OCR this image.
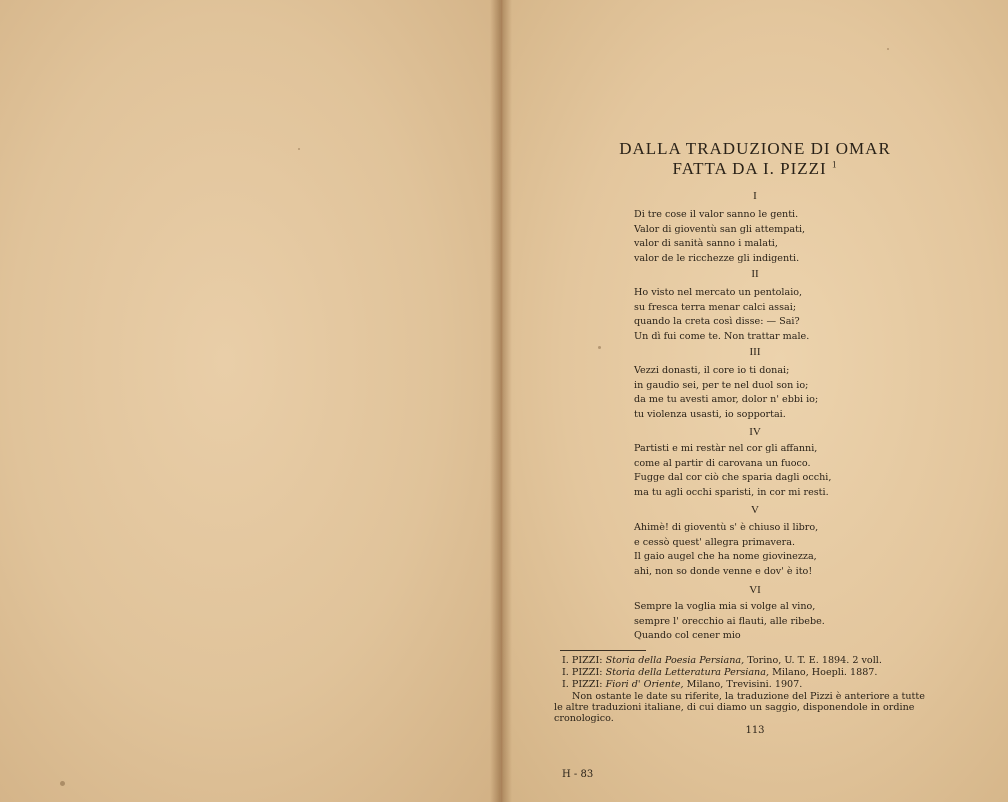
DALLA TRADUZIONE DI OMAR
FATTA DA I. PIZZI $^1$
I
Di tre cose il valor sanno le genti.
Valor di gioventù san gli attempati,
valor di sanità sanno i malati,
valor de le ricchezze gli indigenti.
II
Ho visto nel mercato un pentolaio,
su fresca terra menar calci assai;
quando la creta così disse: — Sai?
Un dì fui come te. Non trattar male.
III
Vezzi donasti, il core io ti donai;
in gaudio sei, per te nel duol son io;
da me tu avesti amor, dolor n' ebbi io;
tu violenza usasti, io sopportai.
IV
Partisti e mi restàr nel cor gli affanni,
come al partir di carovana un fuoco.
Fugge dal cor ciò che sparia dagli occhi,
ma tu agli occhi sparisti, in cor mi resti.
V
Ahimè! di gioventù s' è chiuso il libro,
e cessò quest' allegra primavera.
Il gaio augel che ha nome giovinezza,
ahi, non so donde venne e dov' è ito!
VI
Sempre la voglia mia si volge al vino,
sempre l' orecchio ai flauti, alle ribebe.
Quando col cener mio
I. PIZZI: Storia della Poesia Persiana, Torino, U. T. E. 1894. 2 voll.
I. PIZZI: Storia della Letteratura Persiana, Milano, Hoepli. 1887.
I. PIZZI: Fiori d' Oriente, Milano, Trevisini. 1907.
Non ostante le date su riferite, la traduzione del Pizzi è anteriore a tutte
le altre traduzioni italiane, di cui diamo un saggio, disponendole in ordine
cronologico.
113
H - 83
